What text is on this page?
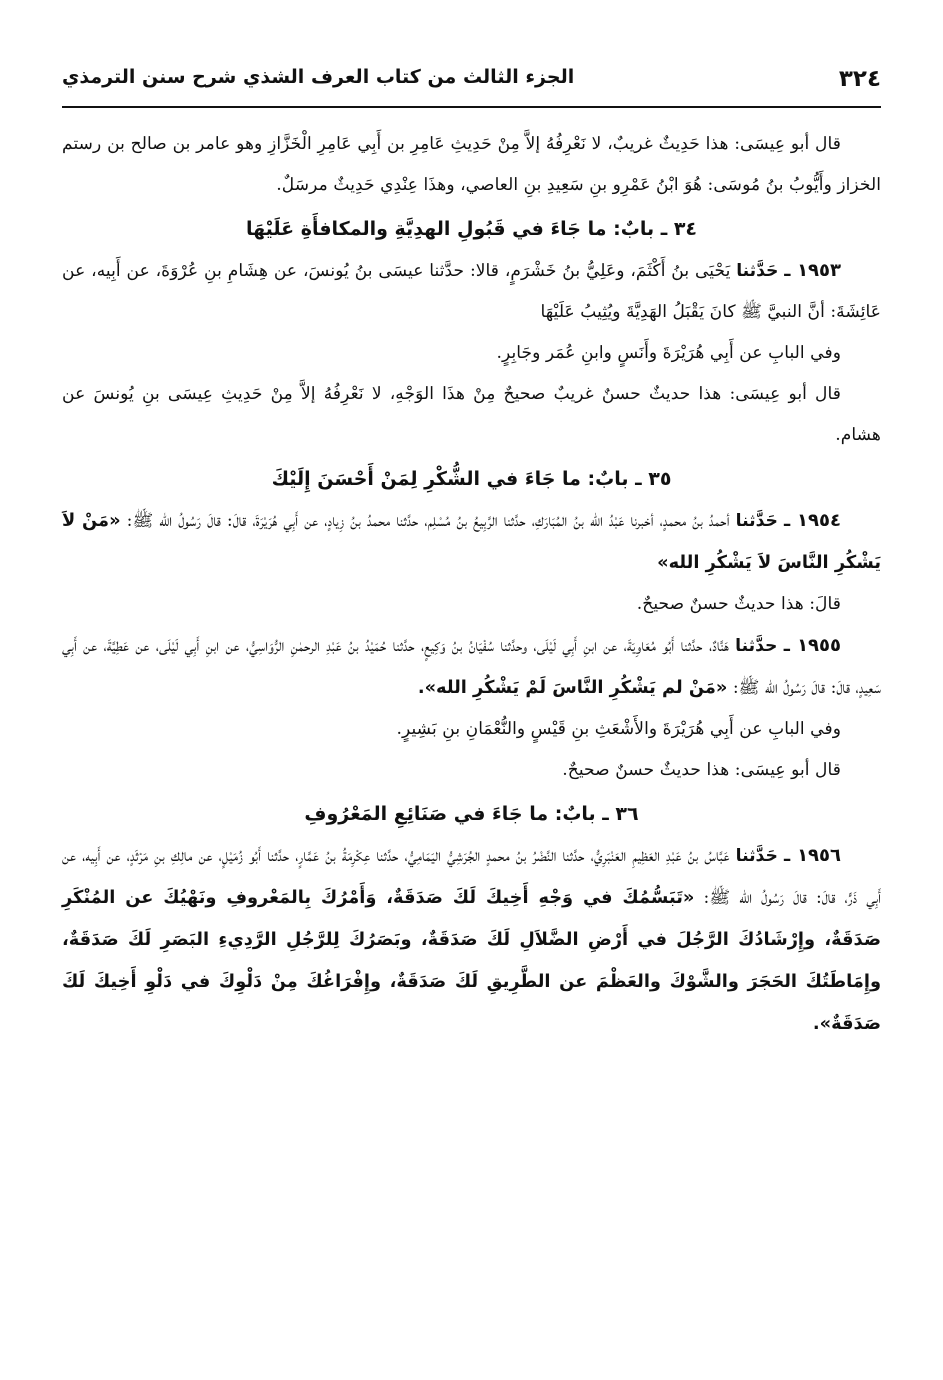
٣٢٤
الجزء الثالث من كتاب العرف الشذي شرح سنن الترمذي

قال أبو عِيسَى: هذا حَدِيثٌ غريبٌ، لا نَعْرِفُهُ إلاَّ مِنْ حَدِيثِ عَامِرِ بن أَبِي عَامِرِ الْخَزَّازِ وهو عامر بن صالح بن رستم الخزاز وأَيُّوبُ بنُ مُوسَى: هُوَ ابْنُ عَمْرِو بنِ سَعِيدِ بنِ العاصي، وهذَا عِنْدِي حَدِيثٌ مرسَلٌ.

٣٤ ـ بابٌ: ما جَاءَ في قَبُولِ الهدِيَّةِ والمكافأَةِ عَلَيْهَا

١٩٥٣ ـ حَدَّثنا يَحْيَى بنُ أَكْثَمَ، وعَلِيُّ بنُ خَشْرَمٍ، قالا: حدَّثنا عيسَى بنُ يُونسَ، عن هِشَامِ بنِ عُرْوَةَ، عن أَبِيه، عن عَائِشَةَ: أنَّ النبيَّ ﷺ كانَ يَقْبَلُ الهَدِيَّةَ ويُثِيبُ عَلَيْهَا

وفي البابِ عن أَبِي هُرَيْرَةَ وأَنَسٍ وابنِ عُمَر وجَابِرٍ.

قال أبو عِيسَى: هذا حديثٌ حسنٌ غريبٌ صحيحٌ مِنْ هذَا الوَجْهِ، لا نَعْرِفُهُ إلاَّ مِنْ حَدِيثِ عِيسَى بنِ يُونسَ عن هشام.

٣٥ ـ بابٌ: ما جَاءَ في الشُّكْرِ لِمَنْ أَحْسَنَ إِلَيْكَ

١٩٥٤ ـ حَدَّثنا أحمدُ بنُ محمدٍ، أخبرنا عَبْدُ الله بنُ المُبَارَكِ، حدَّثنا الرَّبِيعُ بنُ مُسْلِم، حدَّثنا محمدُ بنُ زِيادٍ، عن أَبِي هُرَيْرَةَ، قالَ: قالَ رَسُولُ الله ﷺ: «مَنْ لاَ يَشْكُرِ النَّاسَ لاَ يَشْكُرِ الله»

قالَ: هذا حديثٌ حسنٌ صحيحٌ.

١٩٥٥ ـ حدَّثنا هَنَّادٌ، حدَّثنا أَبُو مُعَاوِيَةَ، عن ابنِ أَبِي لَيْلَى، وحدَّثنا سُفْيَانُ بنُ وَكِيعٍ، حدَّثنا حُمَيْدُ بنُ عَبْدِ الرحمٰنِ الرُّوَاسِيُّ، عن ابنِ أَبِي لَيْلَى، عن عَطِيَّةَ، عن أَبِي سَعِيدٍ، قالَ: قالَ رَسُولُ الله ﷺ: «مَنْ لم يَشْكُرِ النَّاسَ لَمْ يَشْكُرِ الله».

وفي البابِ عن أَبِي هُرَيْرَةَ والأَشْعَثِ بنِ قَيْسٍ والنُّعْمَانِ بنِ بَشِيرٍ.

قال أبو عِيسَى: هذا حديثٌ حسنٌ صحيحٌ.

٣٦ ـ بابٌ: ما جَاءَ في صَنَائِعِ المَعْرُوفِ

١٩٥٦ ـ حَدَّثنا عَبَّاسُ بنُ عَبْدِ العَظِيمِ العَنْبَرِيُّ، حدَّثنا النَّضْرُ بنُ محمدٍ الجُرَشِيُّ اليَمَامِيُّ، حدَّثنا عِكْرِمَةُ بنُ عَمَّارٍ، حدَّثنا أَبُو زُمَيْلٍ، عن مالِكِ بنِ مَرْثَدٍ، عن أَبِيه، عن أَبِي ذَرٍّ، قالَ: قالَ رَسُولُ الله ﷺ: «تَبَسُّمُكَ في وَجْهِ أَخِيكَ لَكَ صَدَقَةٌ، وَأَمْرُكَ بِالمَعْروفِ ونَهْيُكَ عن المُنْكَرِ صَدَقَةٌ، وإِرْشَادُكَ الرَّجُلَ في أَرْضِ الضَّلاَلِ لَكَ صَدَقَةٌ، وبَصَرُكَ لِلرَّجُلِ الرَّدِيءِ البَصَرِ لَكَ صَدَقَةٌ، وإِمَاطَتُكَ الحَجَرَ والشَّوْكَ والعَظْمَ عن الطَّرِيقِ لَكَ صَدَقَةٌ، وإِفْرَاغُكَ مِنْ دَلْوِكَ في دَلْوِ أَخِيكَ لَكَ صَدَقَةٌ».
